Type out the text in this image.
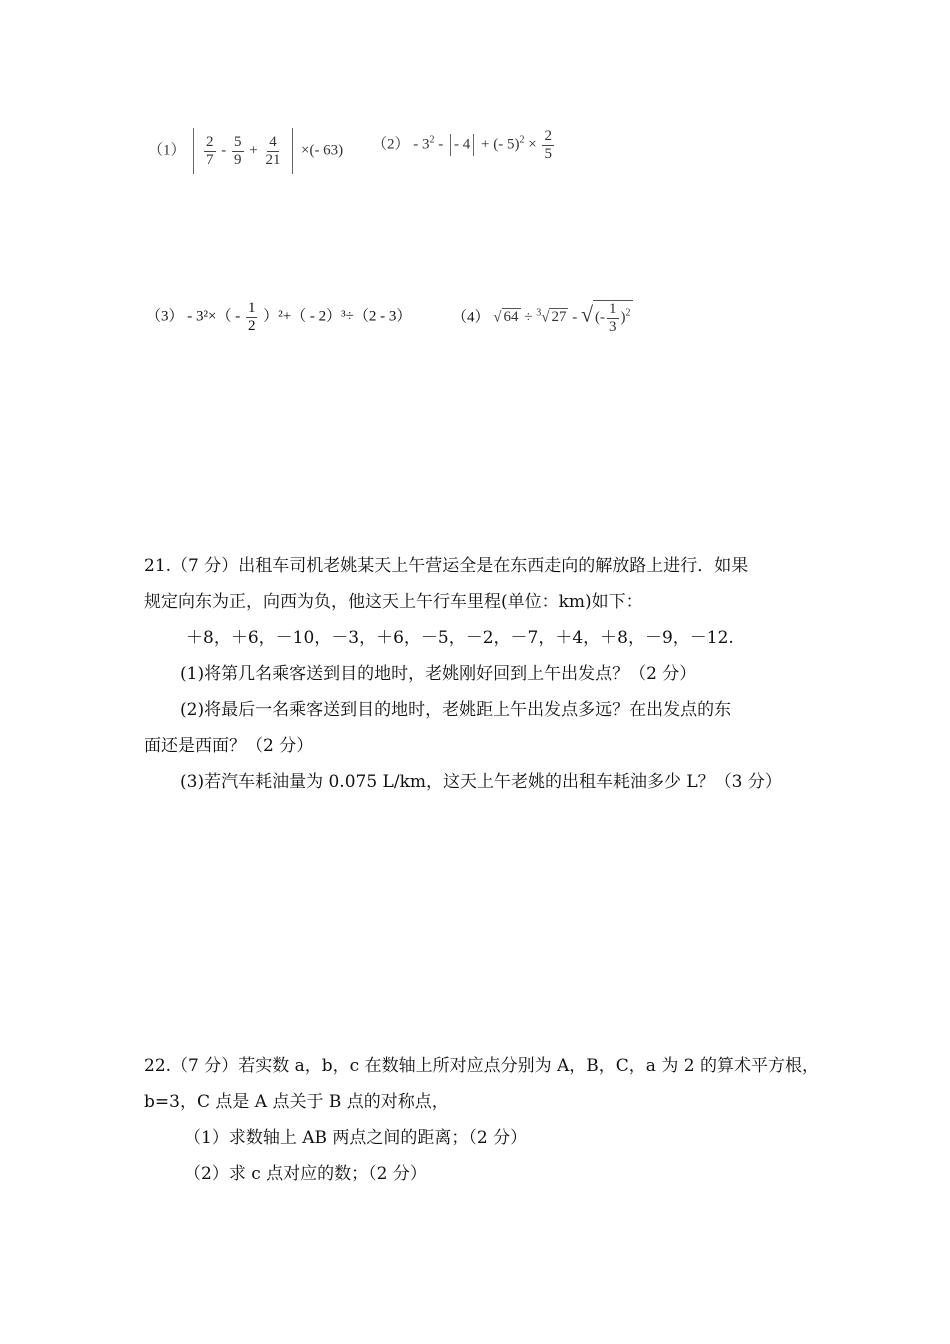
$(1) \frac{2}{7} - \frac{5}{9} + \frac{4}{21}$ ×(- 63) $(2) - 3^2$ - - 4 + (- $5)^2 \times \frac{2}{5}$
$(3) - 3^2\times( - \frac{1}{2} )^2+( - 2)^3\div(2 - 3)$	（4） √ 64 ÷ $^3$√ 27 - √ (- $\frac{1}{3} )^2$
21.（7 分）出租车司机老姚某天上午营运全是在东西走向的解放路上进行．如果
规定向东为正，向西为负，他这天上午行车里程(单位：km)如下：
＋8，＋6，－10，－3，＋6，－5，－2，－7，＋4，＋8，－9，－12.
(1)将第几名乘客送到目的地时，老姚刚好回到上午出发点？（2 分）
(2)将最后一名乘客送到目的地时，老姚距上午出发点多远？在出发点的东
面还是西面？（2 分）
(3)若汽车耗油量为 0.075 L/km，这天上午老姚的出租车耗油多少 L？（3 分）
22.（7 分）若实数 a，b，c 在数轴上所对应点分别为 A，B，C，a 为 2 的算术平方根，
b=3，C 点是 A 点关于 B 点的对称点，
（1）求数轴上 AB 两点之间的距离；（2 分）
（2）求 c 点对应的数；（2 分）
